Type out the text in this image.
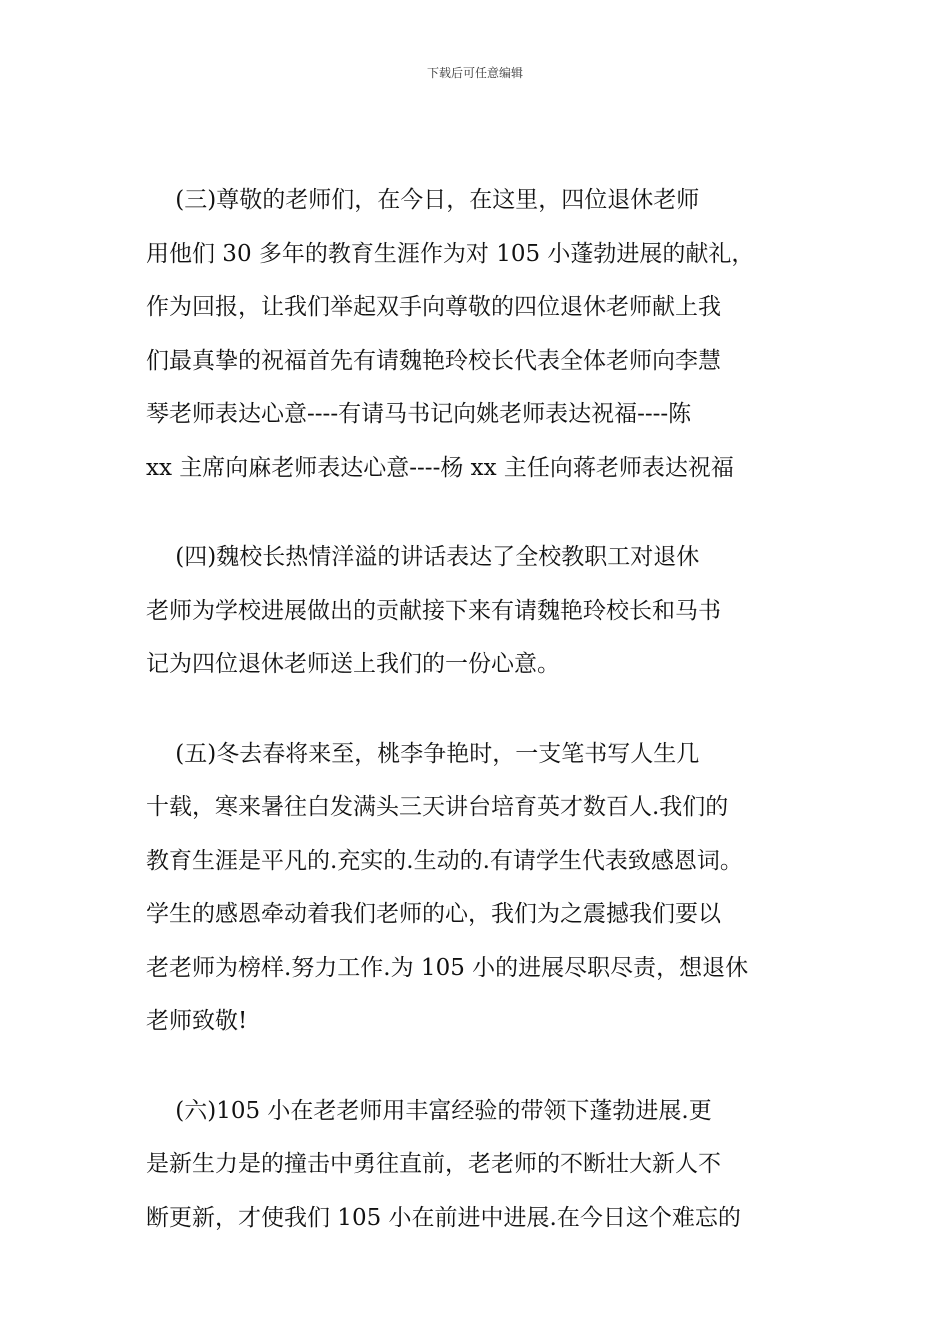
下载后可任意编辑
(三)尊敬的老师们，在今日，在这里，四位退休老师
用他们 30 多年的教育生涯作为对 105 小蓬勃进展的献礼，
作为回报，让我们举起双手向尊敬的四位退休老师献上我
们最真挚的祝福首先有请魏艳玲校长代表全体老师向李慧
琴老师表达心意----有请马书记向姚老师表达祝福----陈
xx 主席向麻老师表达心意----杨 xx 主任向蒋老师表达祝福
(四)魏校长热情洋溢的讲话表达了全校教职工对退休
老师为学校进展做出的贡献接下来有请魏艳玲校长和马书
记为四位退休老师送上我们的一份心意。
(五)冬去春将来至，桃李争艳时，一支笔书写人生几
十载，寒来暑往白发满头三天讲台培育英才数百人.我们的
教育生涯是平凡的.充实的.生动的.有请学生代表致感恩词。
学生的感恩牵动着我们老师的心，我们为之震撼我们要以
老老师为榜样.努力工作.为 105 小的进展尽职尽责，想退休
老师致敬!
(六)105 小在老老师用丰富经验的带领下蓬勃进展.更
是新生力是的撞击中勇往直前，老老师的不断壮大新人不
断更新，才使我们 105 小在前进中进展.在今日这个难忘的
